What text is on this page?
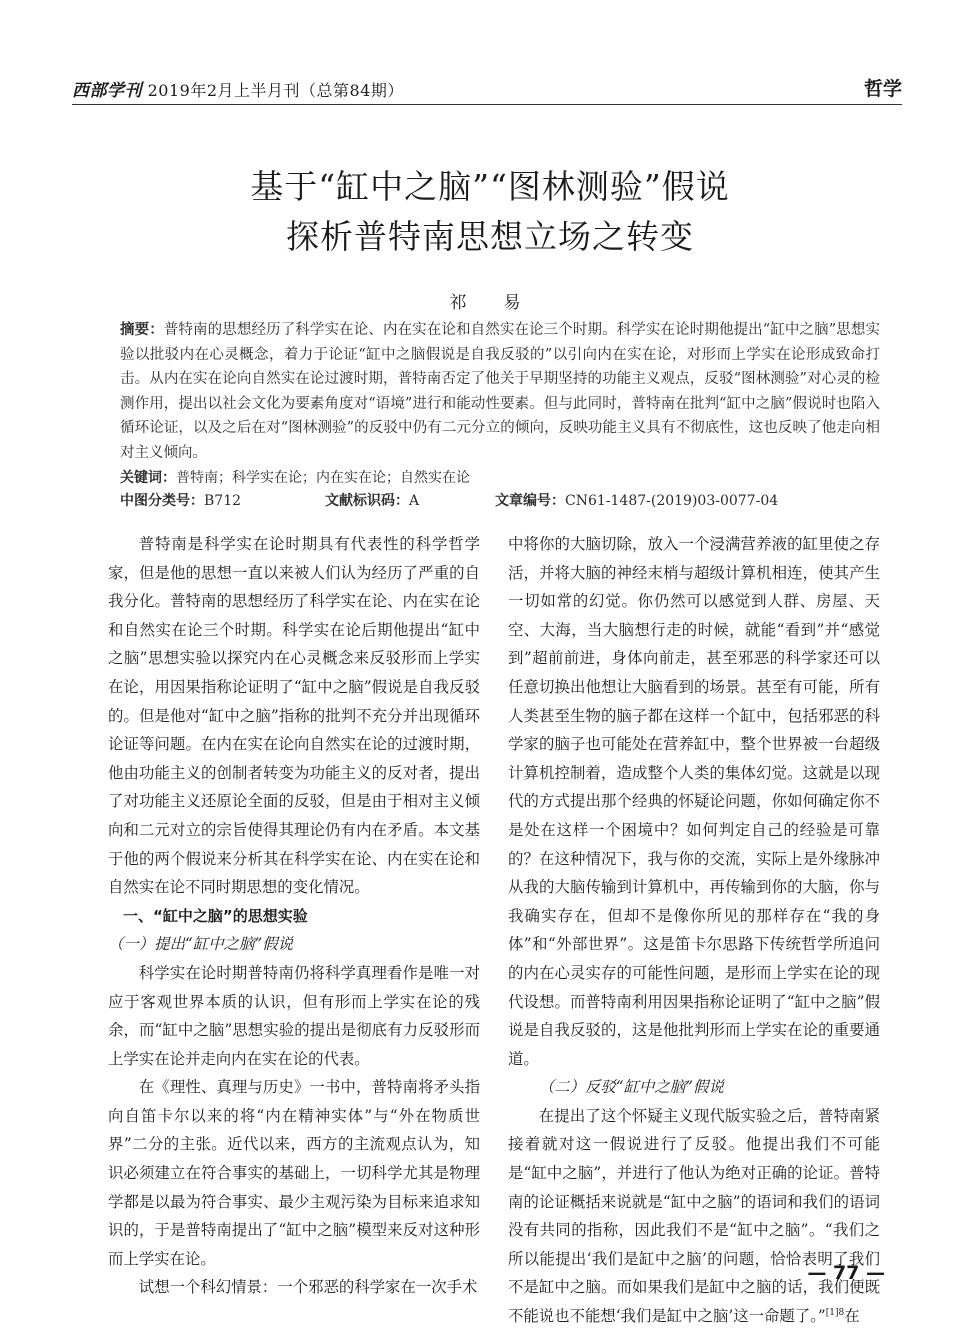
西部学刊 2019年2月上半月刊（总第84期）	哲学
基于“缸中之脑”“图林测验”假说
探析普特南思想立场之转变
祁　易
摘要：普特南的思想经历了科学实在论、内在实在论和自然实在论三个时期。科学实在论时期他提出“缸中之脑”思想实验以批驳内在心灵概念，着力于论证“缸中之脑假说是自我反驳的”以引向内在实在论，对形而上学实在论形成致命打击。从内在实在论向自然实在论过渡时期，普特南否定了他关于早期坚持的功能主义观点，反驳“图林测验”对心灵的检测作用，提出以社会文化为要素角度对“语境”进行和能动性要素。但与此同时，普特南在批判“缸中之脑”假说时也陷入循环论证，以及之后在对“图林测验”的反驳中仍有二元分立的倾向，反映功能主义具有不彻底性，这也反映了他走向相对主义倾向。
关键词：普特南；科学实在论；内在实在论；自然实在论
中图分类号：B712	文献标识码：A	文章编号：CN61-1487-(2019)03-0077-04

普特南是科学实在论时期具有代表性的科学哲学家，但是他的思想一直以来被人们认为经历了严重的自我分化。普特南的思想经历了科学实在论、内在实在论和自然实在论三个时期。科学实在论后期他提出“缸中之脑”思想实验以探究内在心灵概念来反驳形而上学实在论，用因果指称论证明了“缸中之脑”假说是自我反驳的。但是他对“缸中之脑”指称的批判不充分并出现循环论证等问题。在内在实在论向自然实在论的过渡时期，他由功能主义的创制者转变为功能主义的反对者，提出了对功能主义还原论全面的反驳，但是由于相对主义倾向和二元对立的宗旨使得其理论仍有内在矛盾。本文基于他的两个假说来分析其在科学实在论、内在实在论和自然实在论不同时期思想的变化情况。

一、“缸中之脑”的思想实验

（一）提出“缸中之脑”假说

科学实在论时期普特南仍将科学真理看作是唯一对应于客观世界本质的认识，但有形而上学实在论的残余，而“缸中之脑”思想实验的提出是彻底有力反驳形而上学实在论并走向内在实在论的代表。

在《理性、真理与历史》一书中，普特南将矛头指向自笛卡尔以来的将“内在精神实体”与“外在物质世界”二分的主张。近代以来，西方的主流观点认为，知识必须建立在符合事实的基础上，一切科学尤其是物理学都是以最为符合事实、最少主观污染为目标来追求知识的，于是普特南提出了“缸中之脑”模型来反对这种形而上学实在论。

试想一个科幻情景：一个邪恶的科学家在一次手术

中将你的大脑切除，放入一个浸满营养液的缸里使之存活，并将大脑的神经末梢与超级计算机相连，使其产生一切如常的幻觉。你仍然可以感觉到人群、房屋、天空、大海，当大脑想行走的时候，就能“看到”并“感觉到”超前前进，身体向前走，甚至邪恶的科学家还可以任意切换出他想让大脑看到的场景。甚至有可能，所有人类甚至生物的脑子都在这样一个缸中，包括邪恶的科学家的脑子也可能处在营养缸中，整个世界被一台超级计算机控制着，造成整个人类的集体幻觉。这就是以现代的方式提出那个经典的怀疑论问题，你如何确定你不是处在这样一个困境中？如何判定自己的经验是可靠的？在这种情况下，我与你的交流，实际上是外缘脉冲从我的大脑传输到计算机中，再传输到你的大脑，你与我确实存在，但却不是像你所见的那样存在“我的身体”和“外部世界”。这是笛卡尔思路下传统哲学所追问的内在心灵实存的可能性问题，是形而上学实在论的现代设想。而普特南利用因果指称论证明了“缸中之脑”假说是自我反驳的，这是他批判形而上学实在论的重要通道。

（二）反驳“缸中之脑”假说

在提出了这个怀疑主义现代版实验之后，普特南紧接着就对这一假说进行了反驳。他提出我们不可能是“缸中之脑”，并进行了他认为绝对正确的论证。普特南的论证概括来说就是“缸中之脑”的语词和我们的语词没有共同的指称，因此我们不是“缸中之脑”。“我们之所以能提出‘我们是缸中之脑’的问题，恰恰表明了我们不是缸中之脑。而如果我们是缸中之脑的话，我们便既不能说也不能想‘我们是缸中之脑’这一命题了。”$^{[1]8}$在

— 77 —
